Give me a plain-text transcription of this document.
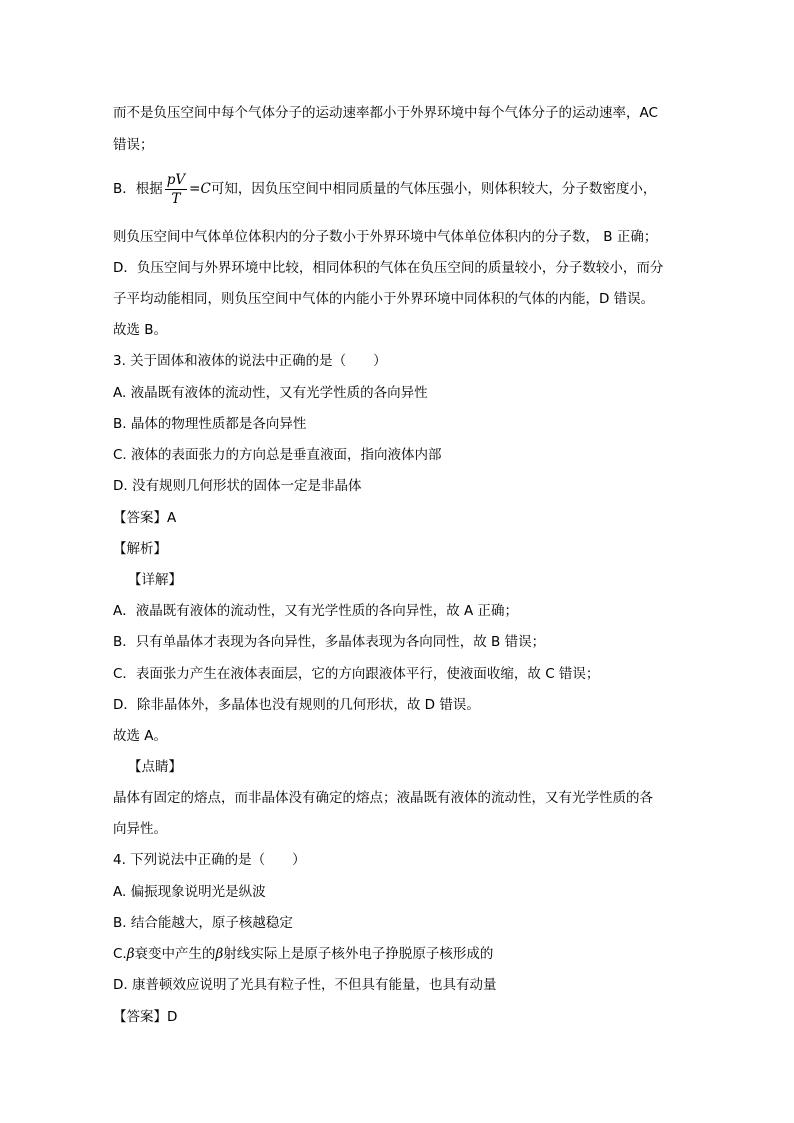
而不是负压空间中每个气体分子的运动速率都小于外界环境中每个气体分子的运动速率，AC
错误；
B．根据 $\frac{pV}{T} =C$可知，因负压空间中相同质量的气体压强小，则体积较大，分子数密度小，
则负压空间中气体单位体积内的分子数小于外界环境中气体单位体积内的分子数， B 正确；
D．负压空间与外界环境中比较，相同体积的气体在负压空间的质量较小，分子数较小，而分
子平均动能相同，则负压空间中气体的内能小于外界环境中同体积的气体的内能，D 错误。
故选 B。
3. 关于固体和液体的说法中正确的是（　　）
A. 液晶既有液体的流动性，又有光学性质的各向异性
B. 晶体的物理性质都是各向异性
C. 液体的表面张力的方向总是垂直液面，指向液体内部
D. 没有规则几何形状的固体一定是非晶体
【答案】A
【解析】
【详解】
A．液晶既有液体的流动性，又有光学性质的各向异性，故 A 正确；
B．只有单晶体才表现为各向异性，多晶体表现为各向同性，故 B 错误；
C．表面张力产生在液体表面层，它的方向跟液体平行，使液面收缩，故 C 错误；
D．除非晶体外，多晶体也没有规则的几何形状，故 D 错误。
故选 A。
【点睛】
晶体有固定的熔点，而非晶体没有确定的熔点；液晶既有液体的流动性，又有光学性质的各
向异性。
4. 下列说法中正确的是（　　）
A. 偏振现象说明光是纵波
B. 结合能越大，原子核越稳定
C.β衰变中产生的β射线实际上是原子核外电子挣脱原子核形成的
D. 康普顿效应说明了光具有粒子性，不但具有能量，也具有动量
【答案】D
